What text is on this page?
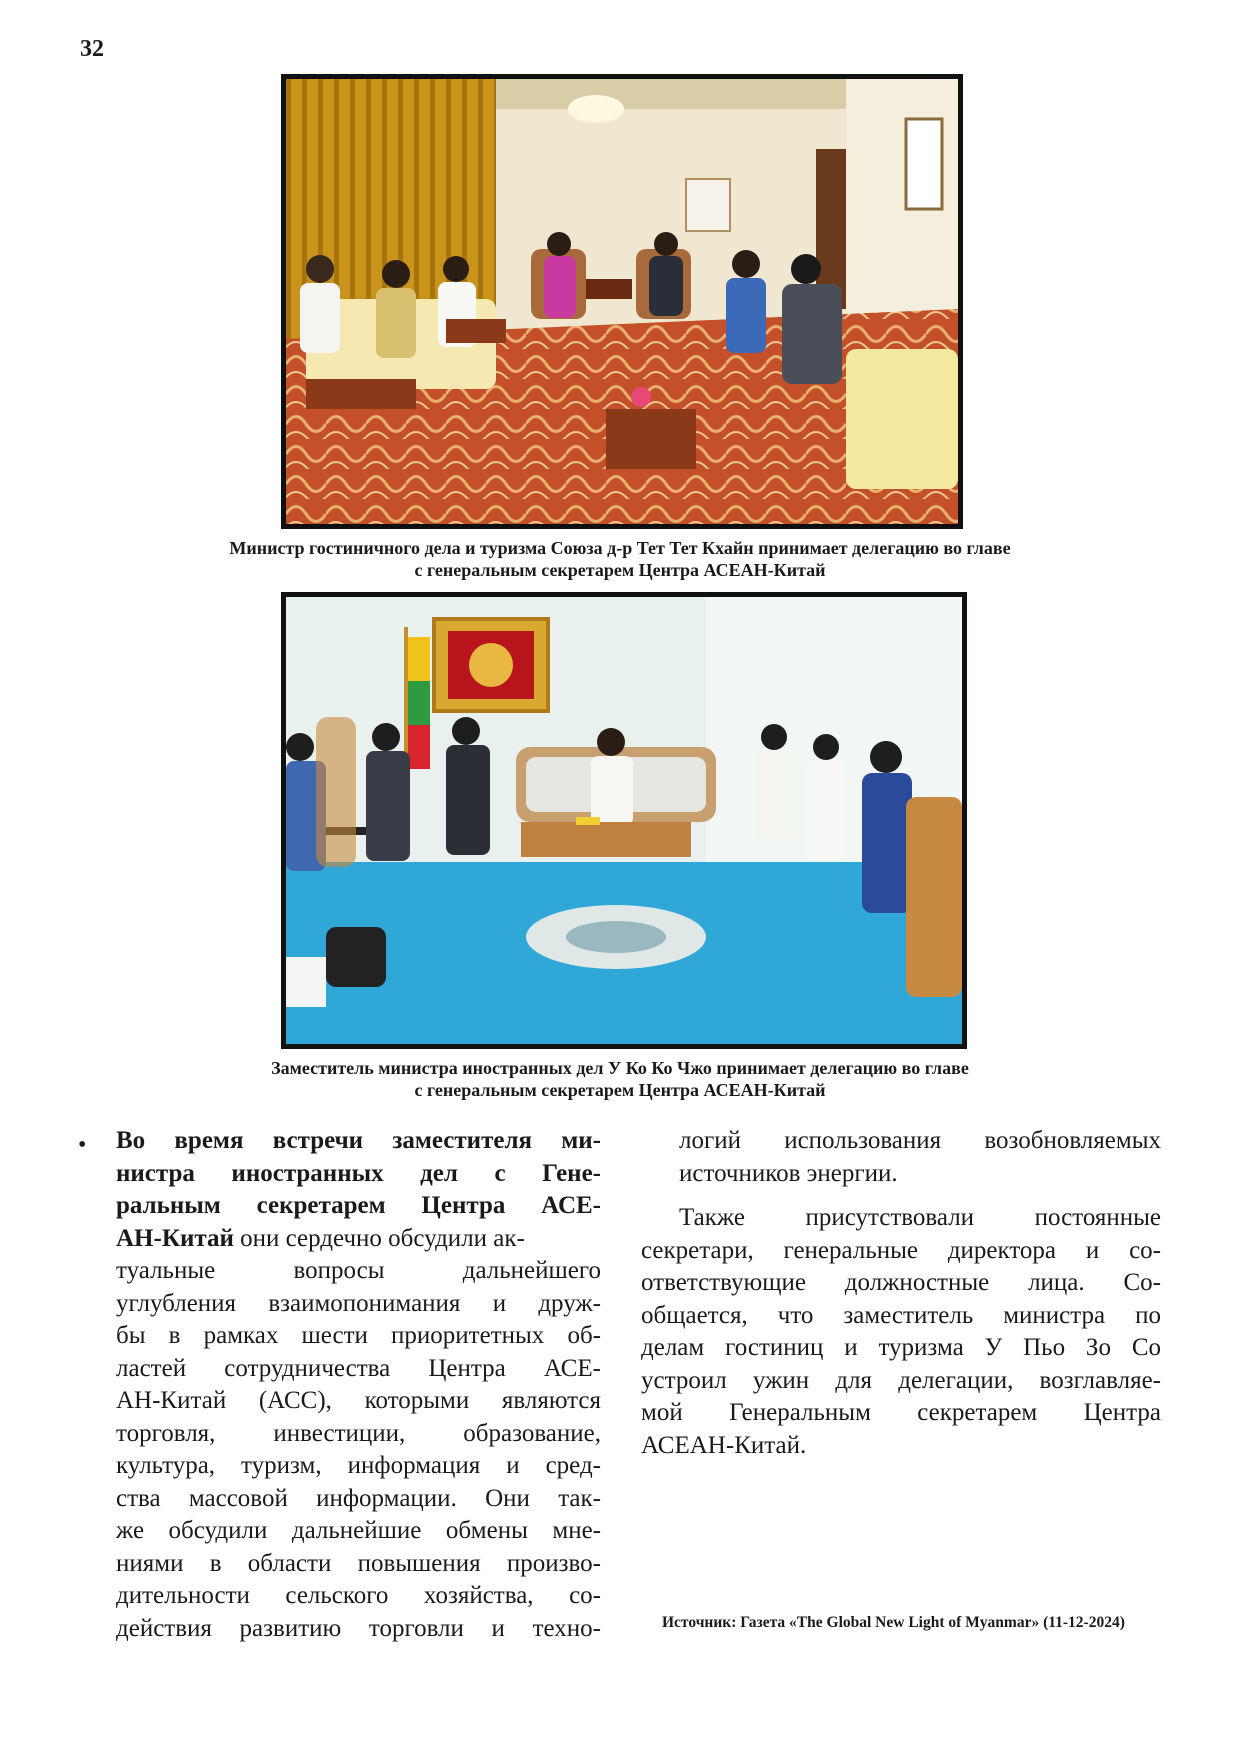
32
Министр гостиничного дела и туризма Союза д-р Тет Тет Кхайн принимает делегацию во главе
с генеральным секретарем Центра АСЕАН-Китай
Заместитель министра иностранных дел У Ко Ко Чжо принимает делегацию во главе
с генеральным секретарем Центра АСЕАН-Китай
• Во время встречи заместителя ми-
нистра иностранных дел с Гене-
ральным секретарем Центра АСЕ-
АН-Китай они сердечно обсудили ак-
туальные вопросы дальнейшего
углубления взаимопонимания и друж-
бы в рамках шести приоритетных об-
ластей сотрудничества Центра АСЕ-
АН-Китай (АСС), которыми являются
торговля, инвестиции, образование,
культура, туризм, информация и сред-
ства массовой информации. Они так-
же обсудили дальнейшие обмены мне-
ниями в области повышения произво-
дительности сельского хозяйства, со-
действия развитию торговли и техно-
логий использования возобновляемых
источников энергии.
Также присутствовали постоянные
секретари, генеральные директора и со-
ответствующие должностные лица. Со-
общается, что заместитель министра по
делам гостиниц и туризма У Пьо Зо Со
устроил ужин для делегации, возглавляе-
мой Генеральным секретарем Центра
АСЕАН-Китай.
Источник: Газета «The Global New Light of Myanmar» (11-12-2024)
